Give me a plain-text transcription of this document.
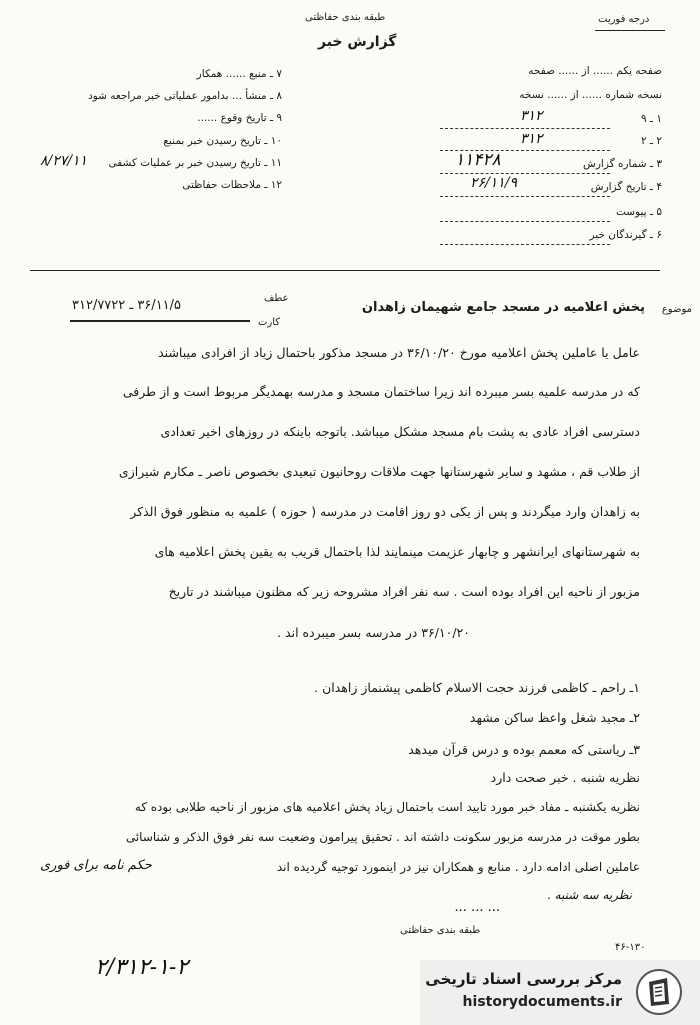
طبقه بندی حفاظتی
گزارش خبر
درجه فوریت
۷ ـ منبع ...... همکار
۸ ـ منشأ ... بدامور عملیاتی خبر مراجعه شود
۹ ـ تاریخ وقوع ......
۱۰ ـ تاریخ رسیدن خبر بمنبع
۱۱ ـ تاریخ رسیدن خبر بر عملیات کشفی
۱۲ ـ ملاحظات حفاظتی
۸/۲۷/۱۱
صفحه یکم ...... از ...... صفحه
نسخه شماره ...... از ...... نسخه
۱ ـ ۹
۲ ـ ۲
۳ ـ شماره گزارش
۴ ـ تاریخ گزارش
۵ ـ پیوست
۶ ـ گیرندگان خبر
۳۱۲
۳۱۲
۱۱۴۲۸
۲۶/۱۱/۹
موضوع
پخش اعلامیه در مسجد جامع شهیمان زاهدان
عطف
کارت
۳۶/۱۱/۵ ـ ۳۱۲/۷۷۲۲
عامل یا عاملین پخش اعلامیه مورخ ۳۶/۱۰/۲۰ در مسجد مذکور باحتمال زیاد از افرادی میباشند
که در مدرسه علمیه بسر میبرده اند زیرا ساختمان مسجد و مدرسه بهمدیگر مربوط است و از طرفی
دسترسی افراد عادی به پشت بام مسجد مشکل میباشد. باتوجه باینکه در روزهای اخیر تعدادی
از طلاب قم ، مشهد و سایر شهرستانها جهت ملاقات روحانیون تبعیدی بخصوص ناصر ـ مکارم شیرازی
به زاهدان وارد میگردند و پس از یکی دو روز اقامت در مدرسه ( حوزه ) علمیه به منظور فوق الذکر
به شهرستانهای ایرانشهر و چابهار عزیمت مینمایند لذا باحتمال قریب به یقین پخش اعلامیه های
مزبور از ناحیه این افراد بوده است . سه نفر افراد مشروحه زیر که مظنون میباشند در تاریخ
۳۶/۱۰/۲۰ در مدرسه بسر میبرده اند .
۱ـ راحم ـ کاظمی فرزند حجت الاسلام کاظمی پیشنماز زاهدان .
۲ـ مجید شغل واعظ ساکن مشهد
۳ـ ریاستی که معمم بوده و درس قرآن میدهد
نظریه شنبه . خبر صحت دارد
نظریه یکشنبه ـ مفاد خبر مورد تایید است باحتمال زیاد پخش اعلامیه های مزبور از ناحیه طلابی بوده که
بطور موقت در مدرسه مزبور سکونت داشته اند . تحقیق پیرامون وضعیت سه نفر فوق الذکر و شناسائی
عاملین اصلی ادامه دارد . منابع و همکاران نیز در اینمورد توجیه گردیده اند
حکم نامه برای فوری
نظریه سه شنبه .
... ... ...
طبقه بندی حفاظتی
۴۶-۱۳۰
۲/۳۱۲-۱-۲	مرکز بررسی اسناد تاریخی
historydocuments.ir
